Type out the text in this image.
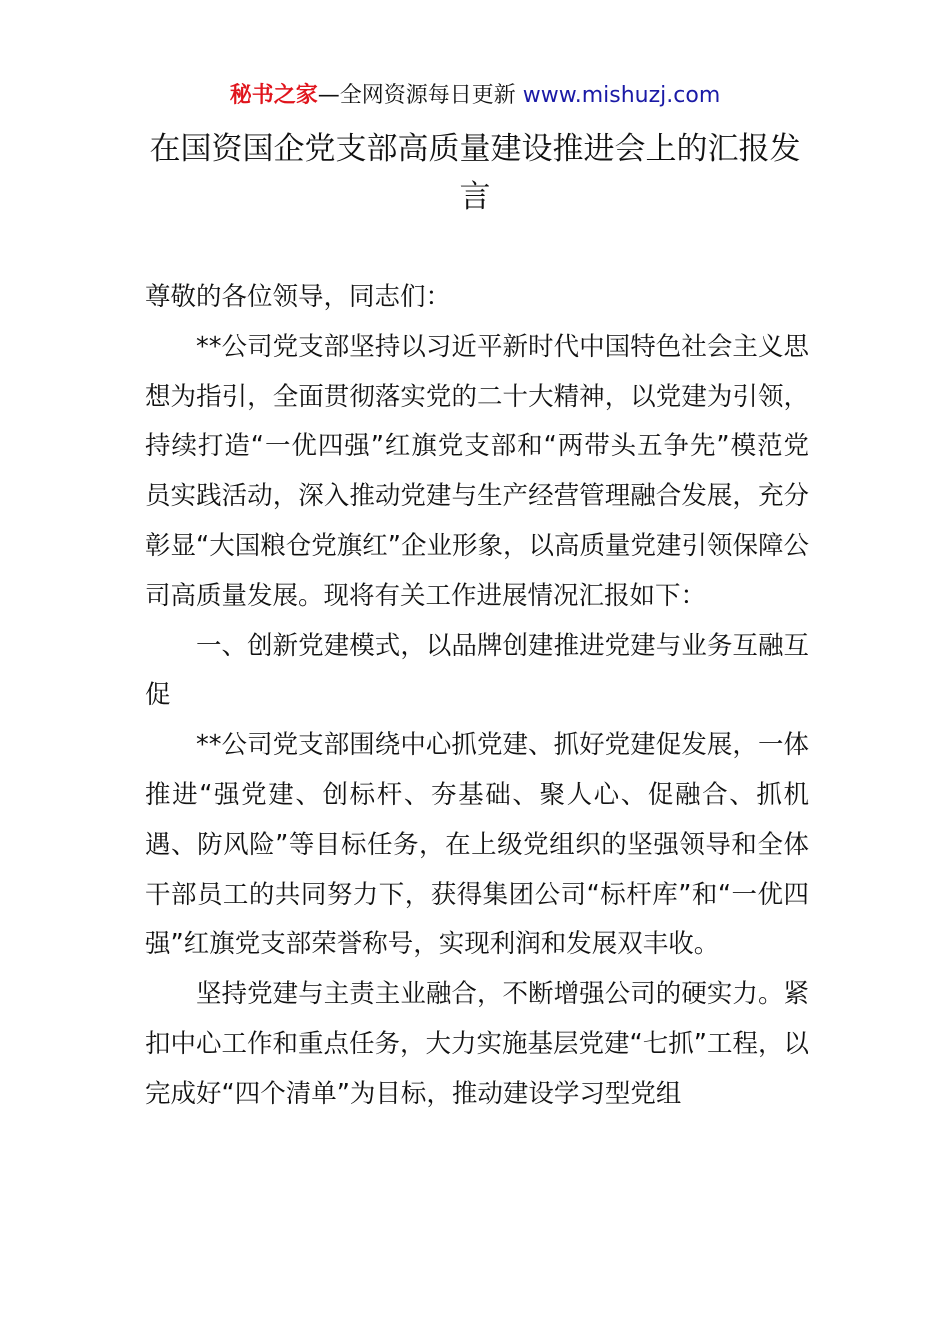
秘书之家—全网资源每日更新 www.mishuzj.com
在国资国企党支部高质量建设推进会上的汇报发言

尊敬的各位领导，同志们：

**公司党支部坚持以习近平新时代中国特色社会主义思想为指引，全面贯彻落实党的二十大精神，以党建为引领，持续打造“一优四强”红旗党支部和“两带头五争先”模范党员实践活动，深入推动党建与生产经营管理融合发展，充分彰显“大国粮仓党旗红”企业形象，以高质量党建引领保障公司高质量发展。现将有关工作进展情况汇报如下：

一、创新党建模式，以品牌创建推进党建与业务互融互促

**公司党支部围绕中心抓党建、抓好党建促发展，一体推进“强党建、创标杆、夯基础、聚人心、促融合、抓机遇、防风险”等目标任务，在上级党组织的坚强领导和全体干部员工的共同努力下，获得集团公司“标杆库”和“一优四强”红旗党支部荣誉称号，实现利润和发展双丰收。

坚持党建与主责主业融合，不断增强公司的硬实力。紧扣中心工作和重点任务，大力实施基层党建“七抓”工程，以完成好“四个清单”为目标，推动建设学习型党组
